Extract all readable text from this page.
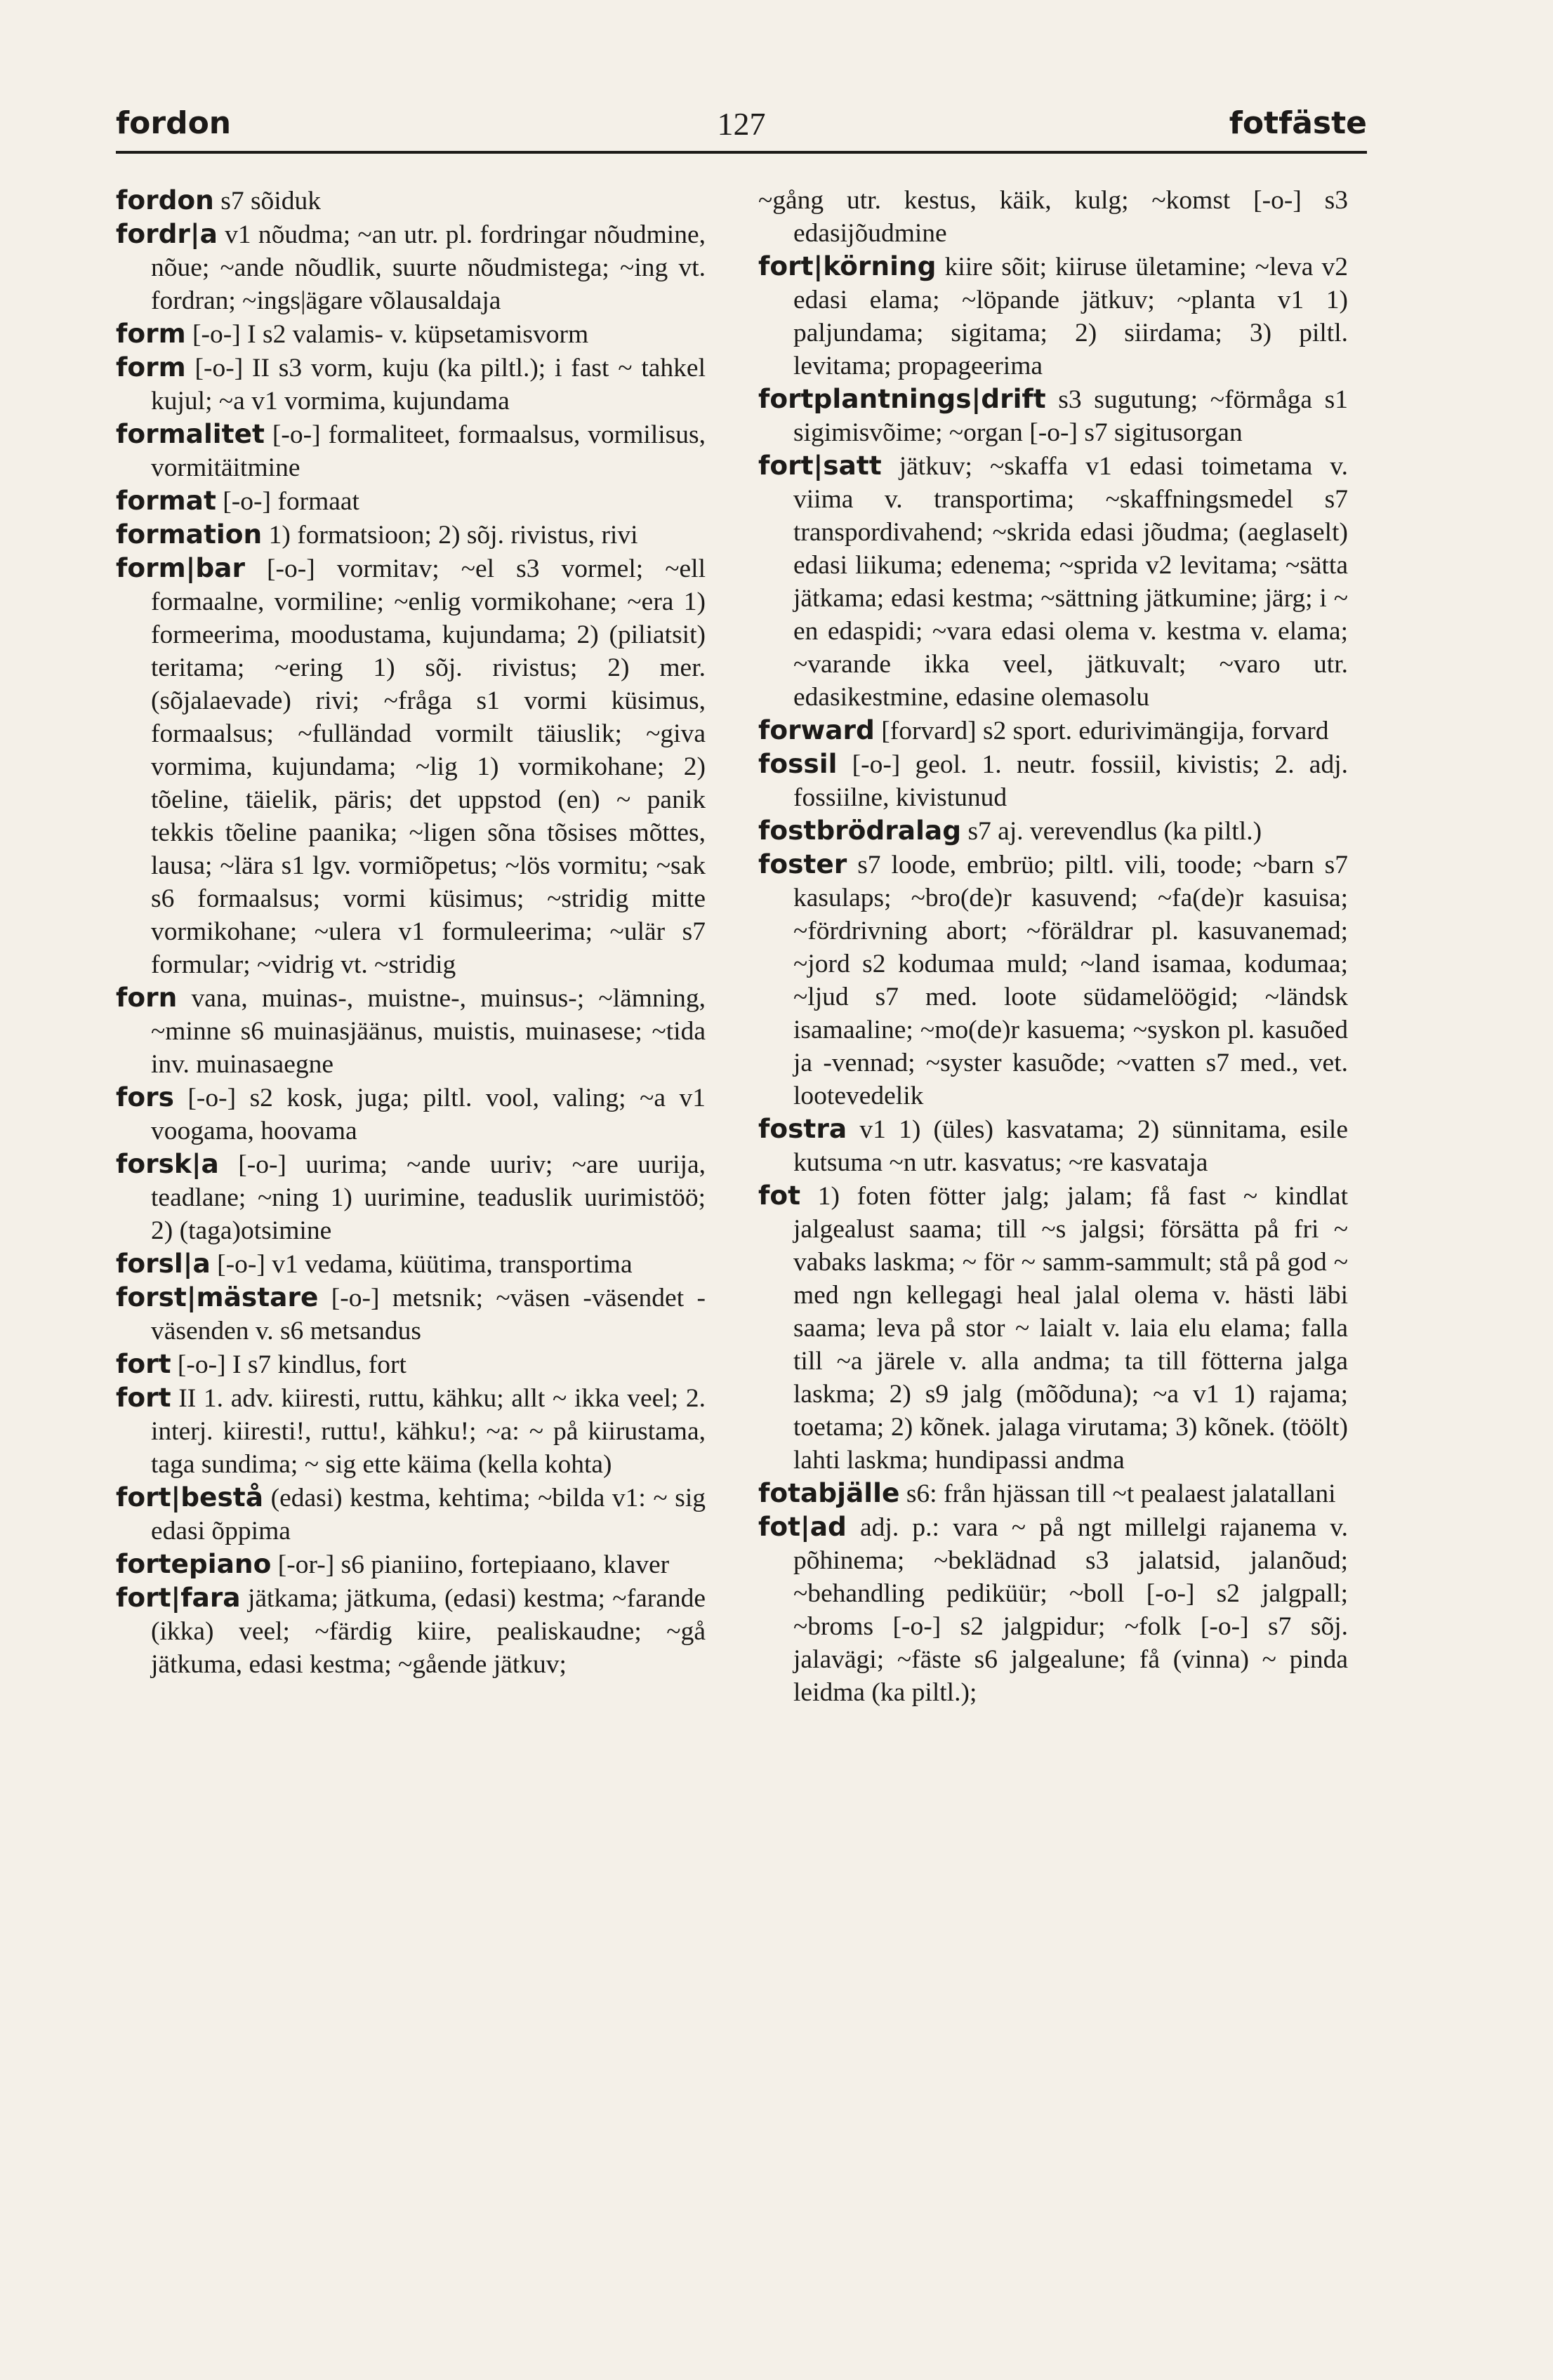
fordon	127	fotfäste

fordon s7 sõiduk

fordr|a v1 nõudma; ~an utr. pl. fordringar nõudmine, nõue; ~ande nõudlik, suurte nõudmistega; ~ing vt. fordran; ~ings|ägare võlausaldaja

form [-o-] I s2 valamis- v. küpsetamisvorm

form [-o-] II s3 vorm, kuju (ka piltl.); i fast ~ tahkel kujul; ~a v1 vormima, kujundama

formalitet [-o-] formaliteet, formaalsus, vormilisus, vormitäitmine

format [-o-] formaat

formation 1) formatsioon; 2) sõj. rivistus, rivi

form|bar [-o-] vormitav; ~el s3 vormel; ~ell formaalne, vormiline; ~enlig vormikohane; ~era 1) formeerima, moodustama, kujundama; 2) (piliatsit) teritama; ~ering 1) sõj. rivistus; 2) mer. (sõjalaevade) rivi; ~fråga s1 vormi küsimus, formaalsus; ~fulländad vormilt täiuslik; ~giva vormima, kujundama; ~lig 1) vormikohane; 2) tõeline, täielik, päris; det uppstod (en) ~ panik tekkis tõeline paanika; ~ligen sõna tõsises mõttes, lausa; ~lära s1 lgv. vormiõpetus; ~lös vormitu; ~sak s6 formaalsus; vormi küsimus; ~stridig mitte vormikohane; ~ulera v1 formuleerima; ~ulär s7 formular; ~vidrig vt. ~stridig

forn vana, muinas-, muistne-, muinsus-; ~lämning, ~minne s6 muinasjäänus, muistis, muinasese; ~tida inv. muinasaegne

fors [-o-] s2 kosk, juga; piltl. vool, valing; ~a v1 voogama, hoovama

forsk|a [-o-] uurima; ~ande uuriv; ~are uurija, teadlane; ~ning 1) uurimine, teaduslik uurimistöö; 2) (taga)otsimine

forsl|a [-o-] v1 vedama, küütima, transportima

forst|mästare [-o-] metsnik; ~väsen -väsendet -väsenden v. s6 metsandus

fort [-o-] I s7 kindlus, fort

fort II 1. adv. kiiresti, ruttu, kähku; allt ~ ikka veel; 2. interj. kiiresti!, ruttu!, kähku!; ~a: ~ på kiirustama, taga sundima; ~ sig ette käima (kella kohta)

fort|bestå (edasi) kestma, kehtima; ~bilda v1: ~ sig edasi õppima

fortepiano [-or-] s6 pianiino, fortepiaano, klaver

fort|fara jätkama; jätkuma, (edasi) kestma; ~farande (ikka) veel; ~färdig kiire, pealiskaudne; ~gå jätkuma, edasi kestma; ~gående jätkuv;

~gång utr. kestus, käik, kulg; ~komst [-o-] s3 edasijõudmine

fort|körning kiire sõit; kiiruse ületamine; ~leva v2 edasi elama; ~löpande jätkuv; ~planta v1 1) paljundama; sigitama; 2) siirdama; 3) piltl. levitama; propageerima

fortplantnings|drift s3 sugutung; ~förmåga s1 sigimisvõime; ~organ [-o-] s7 sigitusorgan

fort|satt jätkuv; ~skaffa v1 edasi toimetama v. viima v. transportima; ~skaffningsmedel s7 transpordivahend; ~skrida edasi jõudma; (aeglaselt) edasi liikuma; edenema; ~sprida v2 levitama; ~sätta jätkama; edasi kestma; ~sättning jätkumine; järg; i ~ en edaspidi; ~vara edasi olema v. kestma v. elama; ~varande ikka veel, jätkuvalt; ~varo utr. edasikestmine, edasine olemasolu

forward [forvard] s2 sport. edurivimängija, forvard

fossil [-o-] geol. 1. neutr. fossiil, kivistis; 2. adj. fossiilne, kivistunud

fostbrödralag s7 aj. verevendlus (ka piltl.)

foster s7 loode, embrüo; piltl. vili, toode; ~barn s7 kasulaps; ~bro(de)r kasuvend; ~fa(de)r kasuisa; ~fördrivning abort; ~föräldrar pl. kasuvanemad; ~jord s2 kodumaa muld; ~land isamaa, kodumaa; ~ljud s7 med. loote südamelöögid; ~ländsk isamaaline; ~mo(de)r kasuema; ~syskon pl. kasuõed ja -vennad; ~syster kasuõde; ~vatten s7 med., vet. lootevedelik

fostra v1 1) (üles) kasvatama; 2) sünnitama, esile kutsuma ~n utr. kasvatus; ~re kasvataja

fot 1) foten fötter jalg; jalam; få fast ~ kindlat jalgealust saama; till ~s jalgsi; försätta på fri ~ vabaks laskma; ~ för ~ samm-sammult; stå på god ~ med ngn kellegagi heal jalal olema v. hästi läbi saama; leva på stor ~ laialt v. laia elu elama; falla till ~a järele v. alla andma; ta till fötterna jalga laskma; 2) s9 jalg (mõõduna); ~a v1 1) rajama; toetama; 2) kõnek. jalaga virutama; 3) kõnek. (töölt) lahti laskma; hundipassi andma

fotabjälle s6: från hjässan till ~t pealaest jalatallani

fot|ad adj. p.: vara ~ på ngt millelgi rajanema v. põhinema; ~beklädnad s3 jalatsid, jalanõud; ~behandling pediküür; ~boll [-o-] s2 jalgpall; ~broms [-o-] s2 jalgpidur; ~folk [-o-] s7 sõj. jalavägi; ~fäste s6 jalgealune; få (vinna) ~ pinda leidma (ka piltl.);
